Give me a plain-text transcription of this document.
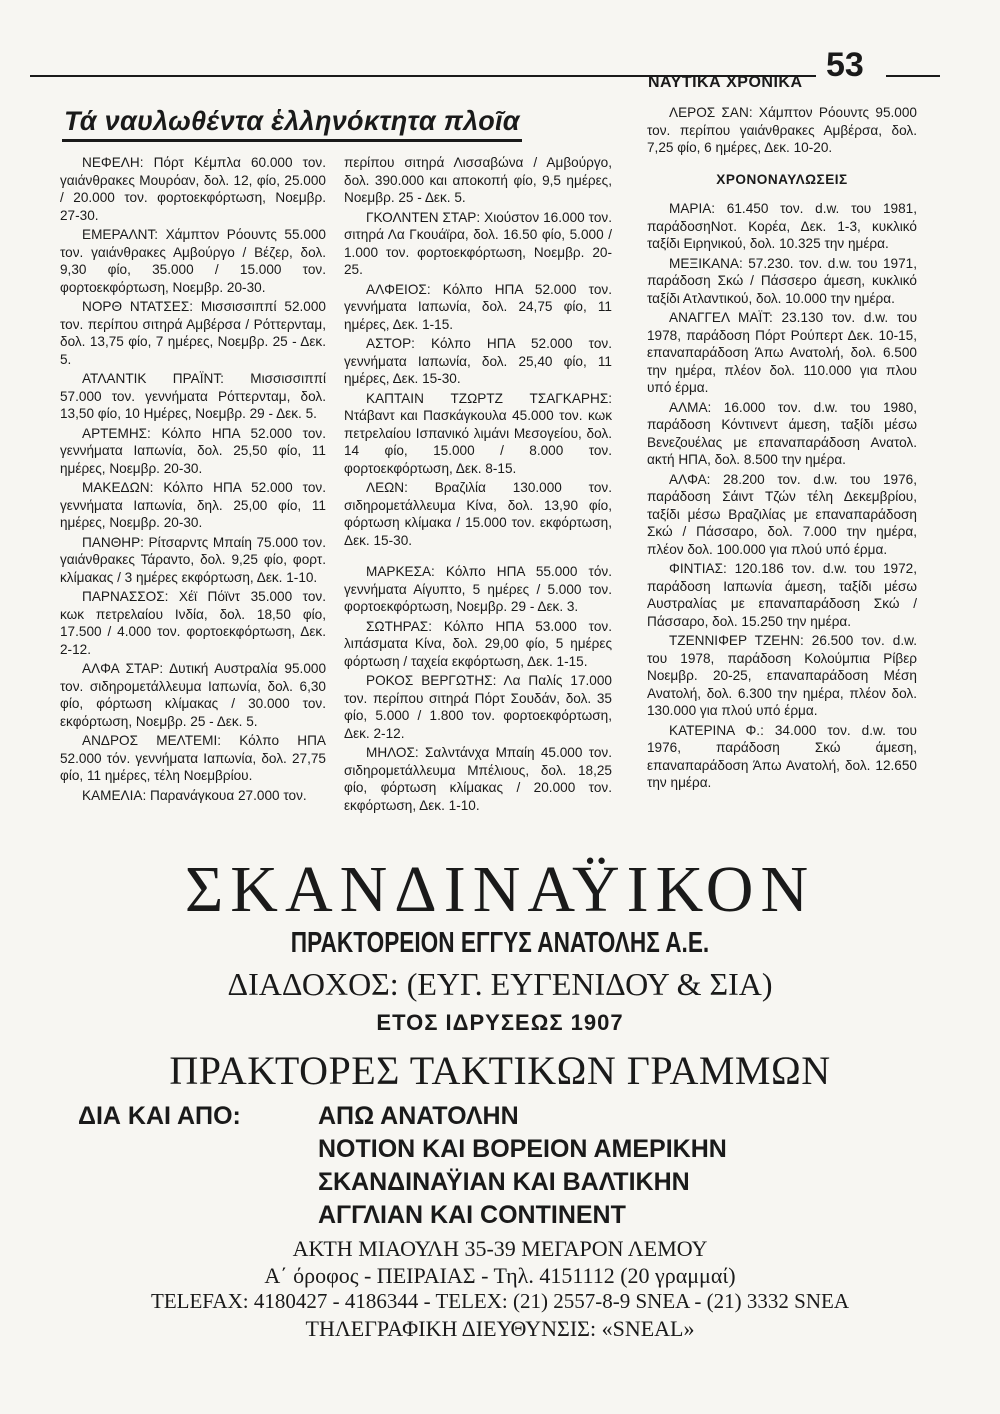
ΝΑΥΤΙΚΑ ΧΡΟΝΙΚΑ 53
Τά ναυλωθέντα ἑλληνόκτητα πλοῖα

ΝΕΦΕΛΗ: Πόρτ Κέμπλα 60.000 τον. γαιάνθρακες Μουρόαν, δολ. 12, φίο, 25.000 / 20.000 τον. φορτοεκφόρτωση, Νοεμβρ. 27-30.

ΕΜΕΡΑΛΝΤ: Χάμπτον Ρόουντς 55.000 τον. γαιάνθρακες Αμβούργο / Βέζερ, δολ. 9,30 φίο, 35.000 / 15.000 τον. φορτοεκφόρτωση, Νοεμβρ. 20-30.

ΝΟΡΘ ΝΤΑΤΣΕΣ: Μισσισσιππί 52.000 τον. περίπου σιτηρά Αμβέρσα / Ρόττερνταμ, δολ. 13,75 φίο, 7 ημέρες, Νοεμβρ. 25 - Δεκ. 5.

ΑΤΛΑΝΤΙΚ ΠΡΑΪΝΤ: Μισσισσιππί 57.000 τον. γεννήματα Ρόττερνταμ, δολ. 13,50 φίο, 10 Ημέρες, Νοεμβρ. 29 - Δεκ. 5.

ΑΡΤΕΜΗΣ: Κόλπο ΗΠΑ 52.000 τον. γεννήματα Ιαπωνία, δολ. 25,50 φίο, 11 ημέρες, Νοεμβρ. 20-30.

ΜΑΚΕΔΩΝ: Κόλπο ΗΠΑ 52.000 τον. γεννήματα Ιαπωνία, δηλ. 25,00 φίο, 11 ημέρες, Νοεμβρ. 20-30.

ΠΑΝΘΗΡ: Ρίτσαρντς Μπαίη 75.000 τον. γαιάνθρακες Τάραντο, δολ. 9,25 φίο, φορτ. κλίμακας / 3 ημέρες εκφόρτωση, Δεκ. 1-10.

ΠΑΡΝΑΣΣΟΣ: Χέϊ Πόϊντ 35.000 τον. κωκ πετρελαίου Ινδία, δολ. 18,50 φίο, 17.500 / 4.000 τον. φορτοεκφόρτωση, Δεκ. 2-12.

ΑΛΦΑ ΣΤΑΡ: Δυτική Αυστραλία 95.000 τον. σιδηρομετάλλευμα Ιαπωνία, δολ. 6,30 φίο, φόρτωση κλίμακας / 30.000 τον. εκφόρτωση, Νοεμβρ. 25 - Δεκ. 5.

ΑΝΔΡΟΣ ΜΕΛΤΕΜΙ: Κόλπο ΗΠΑ 52.000 τόν. γεννήματα Ιαπωνία, δολ. 27,75 φίο, 11 ημέρες, τέλη Νοεμβρίου.

ΚΑΜΕΛΙΑ: Παρανάγκουα 27.000 τον.

περίπου σιτηρά Λισσαβώνα / Αμβούργο, δολ. 390.000 και αποκοπή φίο, 9,5 ημέρες, Νοεμβρ. 25 - Δεκ. 5.

ΓΚΟΛΝΤΕΝ ΣΤΑΡ: Χιούστον 16.000 τον. σιτηρά Λα Γκουάϊρα, δολ. 16.50 φίο, 5.000 / 1.000 τον. φορτοεκφόρτωση, Νοεμβρ. 20-25.

ΑΛΦΕΙΟΣ: Κόλπο ΗΠΑ 52.000 τον. γεννήματα Ιαπωνία, δολ. 24,75 φίο, 11 ημέρες, Δεκ. 1-15.

ΑΣΤΟΡ: Κόλπο ΗΠΑ 52.000 τον. γεννήματα Ιαπωνία, δολ. 25,40 φίο, 11 ημέρες, Δεκ. 15-30.

ΚΑΠΤΑΙΝ ΤΖΩΡΤΖ ΤΣΑΓΚΑΡΗΣ: Ντάβαντ και Πασκάγκουλα 45.000 τον. κωκ πετρελαίου Ισπανικό λιμάνι Μεσογείου, δολ. 14 φίο, 15.000 / 8.000 τον. φορτοεκφόρτωση, Δεκ. 8-15.

ΛΕΩΝ: Βραζιλία 130.000 τον. σιδηρομετάλλευμα Κίνα, δολ. 13,90 φίο, φόρτωση κλίμακα / 15.000 τον. εκφόρτωση, Δεκ. 15-30.

ΜΑΡΚΕΣΑ: Κόλπο ΗΠΑ 55.000 τόν. γεννήματα Αίγυπτο, 5 ημέρες / 5.000 τον. φορτοεκφόρτωση, Νοεμβρ. 29 - Δεκ. 3.

ΣΩΤΗΡΑΣ: Κόλπο ΗΠΑ 53.000 τον. λιπάσματα Κίνα, δολ. 29,00 φίο, 5 ημέρες φόρτωση / ταχεία εκφόρτωση, Δεκ. 1-15.

ΡΟΚΟΣ ΒΕΡΓΩΤΗΣ: Λα Παλίς 17.000 τον. περίπου σιτηρά Πόρτ Σουδάν, δολ. 35 φίο, 5.000 / 1.800 τον. φορτοεκφόρτωση, Δεκ. 2-12.

ΜΗΛΟΣ: Σαλντάνχα Μπαίη 45.000 τον. σιδηρομετάλλευμα Μπέλιους, δολ. 18,25 φίο, φόρτωση κλίμακας / 20.000 τον. εκφόρτωση, Δεκ. 1-10.

ΛΕΡΟΣ ΣΑΝ: Χάμπτον Ρόουντς 95.000 τον. περίπου γαιάνθρακες Αμβέρσα, δολ. 7,25 φίο, 6 ημέρες, Δεκ. 10-20.

ΧΡΟΝΟΝΑΥΛΩΣΕΙΣ

ΜΑΡΙΑ: 61.450 τον. d.w. του 1981, παράδοσηΝοτ. Κορέα, Δεκ. 1-3, κυκλικό ταξίδι Ειρηνικού, δολ. 10.325 την ημέρα.

ΜΕΞΙΚΑΝΑ: 57.230. τον. d.w. του 1971, παράδοση Σκώ / Πάσσερο άμεση, κυκλικό ταξίδι Ατλαντικού, δολ. 10.000 την ημέρα.

ΑΝΑΓΓΕΛ ΜΑΪΤ: 23.130 τον. d.w. του 1978, παράδοση Πόρτ Ρούπερτ Δεκ. 10-15, επαναπαράδοση Άπω Ανατολή, δολ. 6.500 την ημέρα, πλέον δολ. 110.000 για πλου υπό έρμα.

ΑΛΜΑ: 16.000 τον. d.w. του 1980, παράδοση Κόντινεντ άμεση, ταξίδι μέσω Βενεζουέλας με επαναπαράδοση Ανατολ. ακτή ΗΠΑ, δολ. 8.500 την ημέρα.

ΑΛΦΑ: 28.200 τον. d.w. του 1976, παράδοση Σάιντ Τζών τέλη Δεκεμβρίου, ταξίδι μέσω Βραζιλίας με επαναπαράδοση Σκώ / Πάσσαρο, δολ. 7.000 την ημέρα, πλέον δολ. 100.000 για πλού υπό έρμα.

ΦΙΝΤΙΑΣ: 120.186 τον. d.w. του 1972, παράδοση Ιαπωνία άμεση, ταξίδι μέσω Αυστραλίας με επαναπαράδοση Σκώ / Πάσσαρο, δολ. 15.250 την ημέρα.

ΤΖΕΝΝΙΦΕΡ ΤΖΕΗΝ: 26.500 τον. d.w. του 1978, παράδοση Κολούμπια Ρίβερ Νοεμβρ. 20-25, επαναπαράδοση Μέση Ανατολή, δολ. 6.300 την ημέρα, πλέον δολ. 130.000 για πλού υπό έρμα.

ΚΑΤΕΡΙΝΑ Φ.: 34.000 τον. d.w. του 1976, παράδοση Σκώ άμεση, επαναπαράδοση Άπω Ανατολή, δολ. 12.650 την ημέρα.

ΣΚΑΝΔΙΝΑΫΙΚΟΝ
ΠΡΑΚΤΟΡΕΙΟΝ ΕΓΓΥΣ ΑΝΑΤΟΛΗΣ Α.Ε.
ΔΙΑΔΟΧΟΣ: (ΕΥΓ. ΕΥΓΕΝΙΔΟΥ & ΣΙΑ)
ΕΤΟΣ ΙΔΡΥΣΕΩΣ 1907
ΠΡΑΚΤΟΡΕΣ ΤΑΚΤΙΚΩΝ ΓΡΑΜΜΩΝ
ΔΙΑ ΚΑΙ ΑΠΟ:	ΑΠΩ ΑΝΑΤΟΛΗΝ
ΝΟΤΙΟΝ ΚΑΙ ΒΟΡΕΙΟΝ ΑΜΕΡΙΚΗΝ
ΣΚΑΝΔΙΝΑΫΙΑΝ ΚΑΙ ΒΑΛΤΙΚΗΝ
ΑΓΓΛΙΑΝ ΚΑΙ CONTINENT
ΑΚΤΗ ΜΙΑΟΥΛΗ 35-39 ΜΕΓΑΡΟΝ ΛΕΜΟΥ
Α΄ όροφος - ΠΕΙΡΑΙΑΣ - Τηλ. 4151112 (20 γραμμαί)
TELEFAX: 4180427 - 4186344 - TELEX: (21) 2557-8-9 SNEA - (21) 3332 SNEA
ΤΗΛΕΓΡΑΦΙΚΗ ΔΙΕΥΘΥΝΣΙΣ: «SNEAL»
